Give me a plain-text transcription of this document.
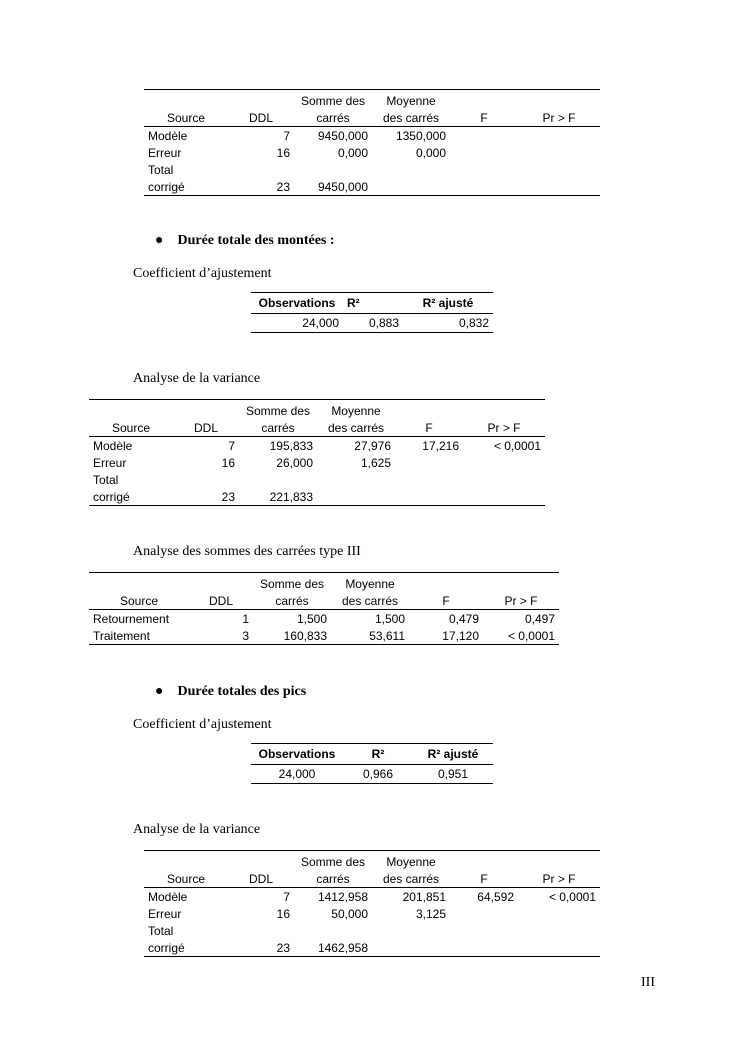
		Somme des	Moyenne		
Source	DDL	carrés	des carrés	F	Pr > F
Modèle	7	9450,000	1350,000		
Erreur	16	0,000	0,000		
Total					
corrigé	23	9450,000			
● Durée totale des montées :
Coefficient d’ajustement
Observations	R²	R² ajusté
24,000	0,883	0,832
Analyse de la variance
		Somme des	Moyenne		
Source	DDL	carrés	des carrés	F	Pr > F
Modèle	7	195,833	27,976	17,216	< 0,0001
Erreur	16	26,000	1,625		
Total					
corrigé	23	221,833			
Analyse des sommes des carrées type III
		Somme des	Moyenne		
Source	DDL	carrés	des carrés	F	Pr > F
Retournement	1	1,500	1,500	0,479	0,497
Traitement	3	160,833	53,611	17,120	< 0,0001
● Durée totales des pics
Coefficient d’ajustement
Observations	R²	R² ajusté
24,000	0,966	0,951
Analyse de la variance
		Somme des	Moyenne		
Source	DDL	carrés	des carrés	F	Pr > F
Modèle	7	1412,958	201,851	64,592	< 0,0001
Erreur	16	50,000	3,125		
Total					
corrigé	23	1462,958			
III
